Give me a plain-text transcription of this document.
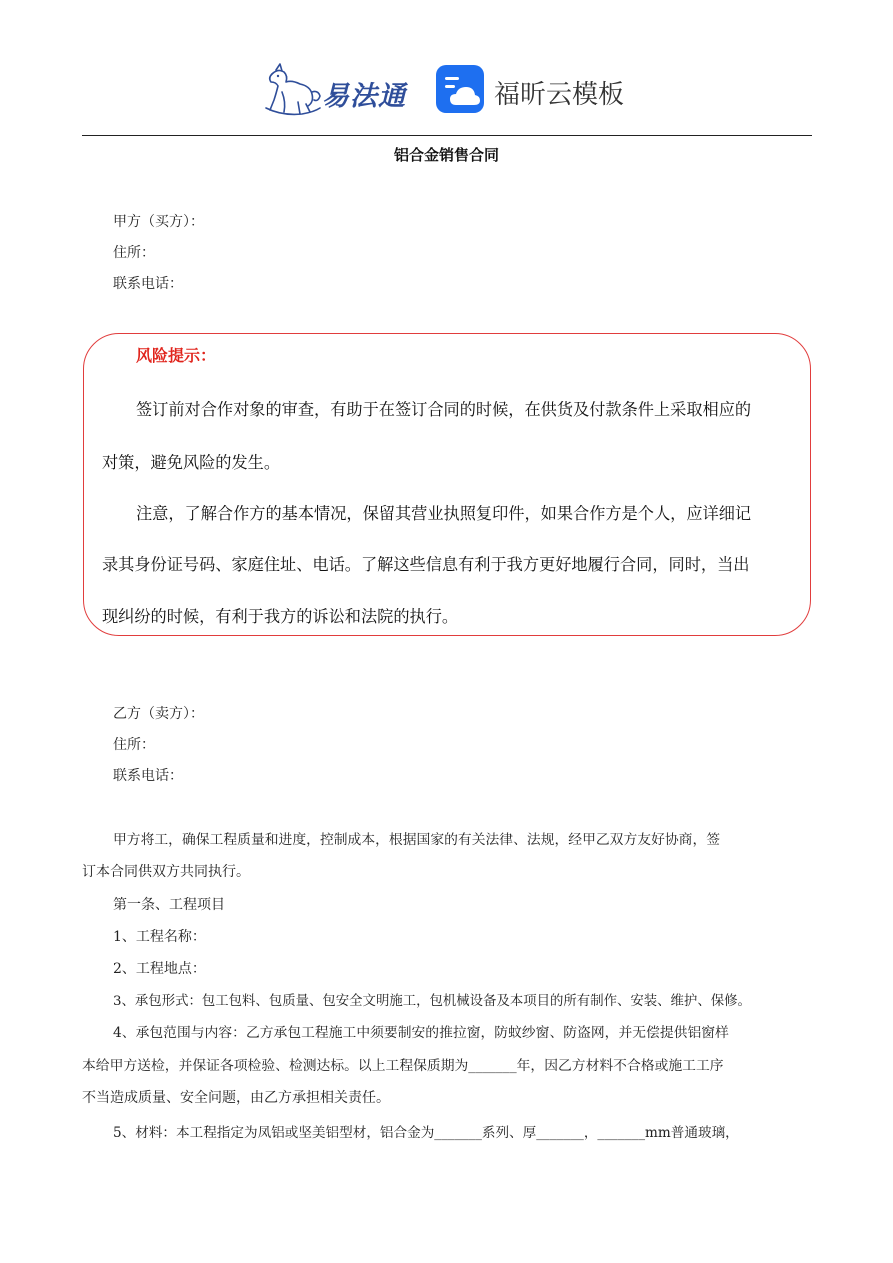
易法通	福昕云模板
铝合金销售合同
甲方（买方）：
住所：
联系电话：
风险提示：
签订前对合作对象的审查，有助于在签订合同的时候，在供货及付款条件上采取相应的
对策，避免风险的发生。
注意，了解合作方的基本情况，保留其营业执照复印件，如果合作方是个人，应详细记
录其身份证号码、家庭住址、电话。了解这些信息有利于我方更好地履行合同，同时，当出
现纠纷的时候，有利于我方的诉讼和法院的执行。
乙方（卖方）：
住所：
联系电话：
甲方将工，确保工程质量和进度，控制成本，根据国家的有关法律、法规，经甲乙双方友好协商，签
订本合同供双方共同执行。
第一条、工程项目
1、工程名称：
2、工程地点：
3、承包形式：包工包料、包质量、包安全文明施工，包机械设备及本项目的所有制作、安装、维护、保修。
4、承包范围与内容：乙方承包工程施工中须要制安的推拉窗，防蚊纱窗、防盗网，并无偿提供铝窗样
本给甲方送检，并保证各项检验、检测达标。以上工程保质期为_______年，因乙方材料不合格或施工工序
不当造成质量、安全问题，由乙方承担相关责任。
5、材料：本工程指定为凤铝或坚美铝型材，铝合金为_______系列、厚_______，_______mm普通玻璃，
